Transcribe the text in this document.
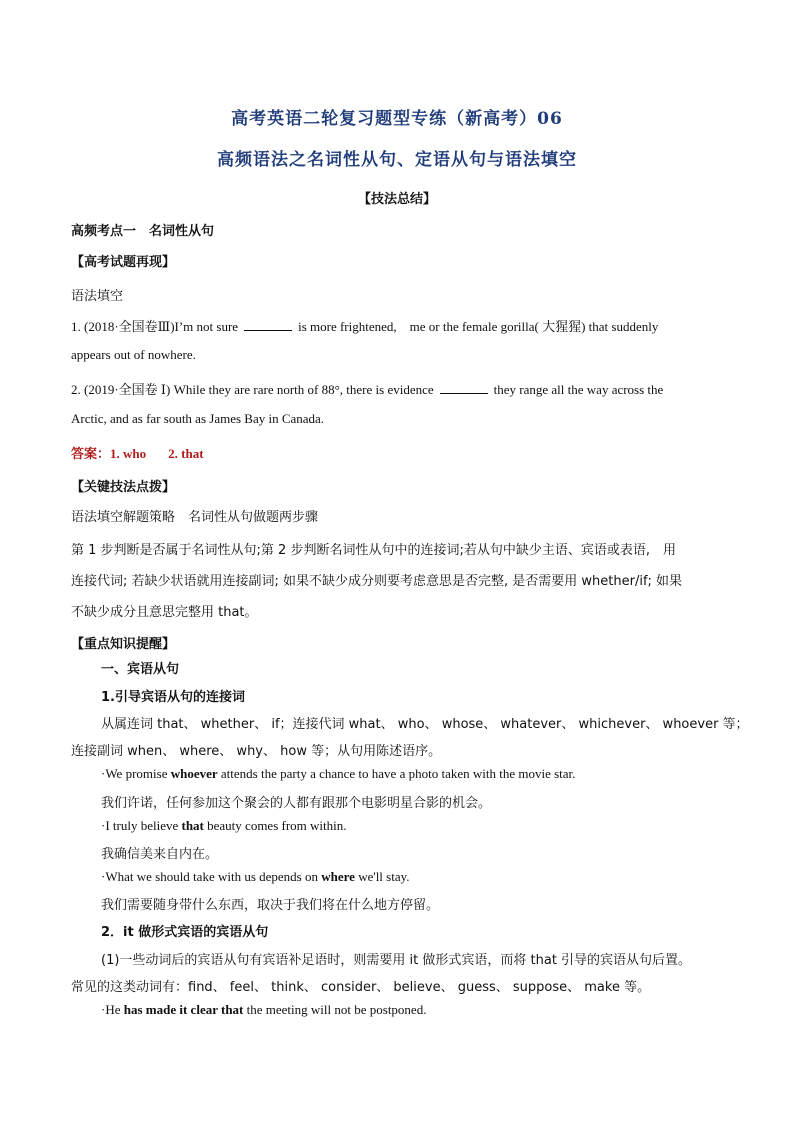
高考英语二轮复习题型专练（新高考）06
高频语法之名词性从句、定语从句与语法填空
【技法总结】
高频考点一　名词性从句
【高考试题再现】
语法填空
1. (2018·全国卷Ⅲ)I’m not sure	is more frightened,　me or the female gorilla( 大猩猩) that suddenly
appears out of nowhere.
2. (2019·全国卷 Ⅰ) While they are rare north of 88°, there is evidence	they range all the way across the
Arctic, and as far south as James Bay in Canada.
答案：1. who 2. that
【关键技法点拨】
语法填空解题策略　名词性从句做题两步骤
第 1 步判断是否属于名词性从句;第 2 步判断名词性从句中的连接词;若从句中缺少主语、宾语或表语,　用
连接代词; 若缺少状语就用连接副词; 如果不缺少成分则要考虑意思是否完整, 是否需要用 whether/if; 如果
不缺少成分且意思完整用 that。
【重点知识提醒】
一、宾语从句
1.引导宾语从句的连接词
从属连词 that、 whether、 if；连接代词 what、 who、 whose、 whatever、 whichever、 whoever 等；
连接副词 when、 where、 why、 how 等；从句用陈述语序。
·We promise whoever attends the party a chance to have a photo taken with the movie star.
我们许诺，任何参加这个聚会的人都有跟那个电影明星合影的机会。
·I truly believe that beauty comes from within.
我确信美来自内在。
·What we should take with us depends on where we'll stay.
我们需要随身带什么东西，取决于我们将在什么地方停留。
2．it 做形式宾语的宾语从句
(1)一些动词后的宾语从句有宾语补足语时，则需要用 it 做形式宾语，而将 that 引导的宾语从句后置。
常见的这类动词有：find、 feel、 think、 consider、 believe、 guess、 suppose、 make 等。
·He has made it clear that the meeting will not be postponed.
